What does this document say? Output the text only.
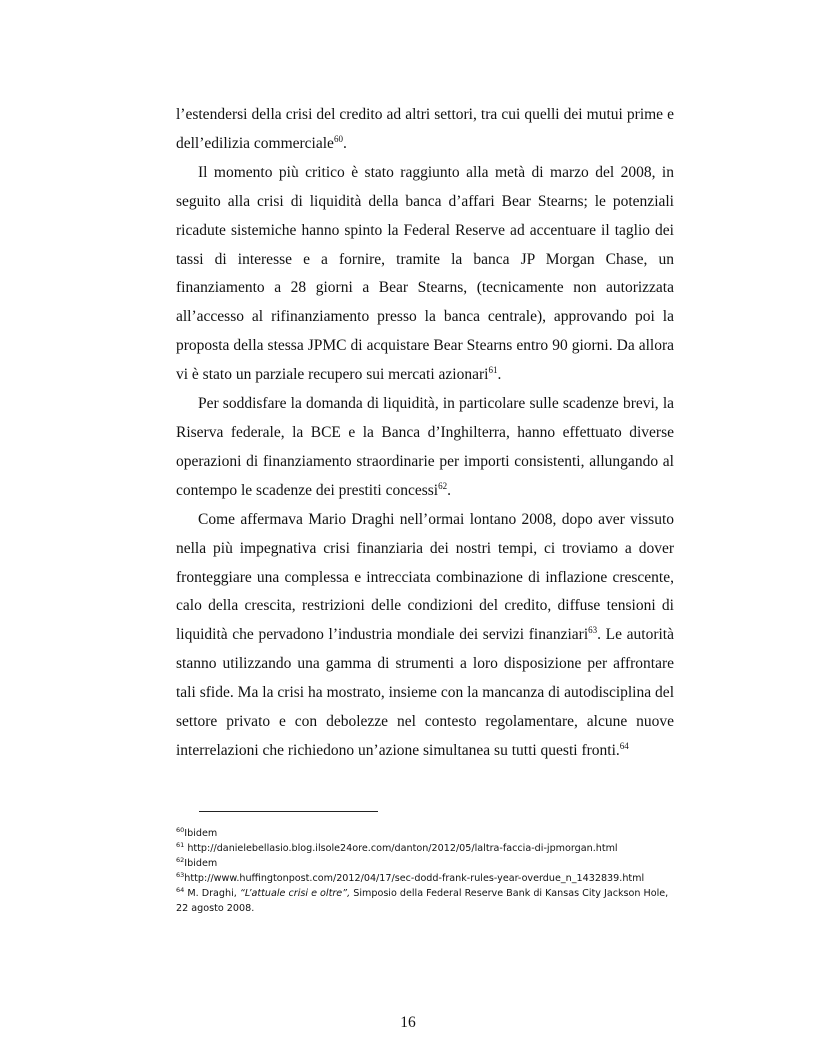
l’estendersi della crisi del credito ad altri settori, tra cui quelli dei mutui prime e dell’edilizia commerciale$^{60}$.

Il momento più critico è stato raggiunto alla metà di marzo del 2008, in seguito alla crisi di liquidità della banca d’affari Bear Stearns; le potenziali ricadute sistemiche hanno spinto la Federal Reserve ad accentuare il taglio dei tassi di interesse e a fornire, tramite la banca JP Morgan Chase, un finanziamento a 28 giorni a Bear Stearns, (tecnicamente non autorizzata all’accesso al rifinanziamento presso la banca centrale), approvando poi la proposta della stessa JPMC di acquistare Bear Stearns entro 90 giorni. Da allora vi è stato un parziale recupero sui mercati azionari$^{61}$.

Per soddisfare la domanda di liquidità, in particolare sulle scadenze brevi, la Riserva federale, la BCE e la Banca d’Inghilterra, hanno effettuato diverse operazioni di finanziamento straordinarie per importi consistenti, allungando al contempo le scadenze dei prestiti concessi$^{62}$.

Come affermava Mario Draghi nell’ormai lontano 2008, dopo aver vissuto nella più impegnativa crisi finanziaria dei nostri tempi, ci troviamo a dover fronteggiare una complessa e intrecciata combinazione di inflazione crescente, calo della crescita, restrizioni delle condizioni del credito, diffuse tensioni di liquidità che pervadono l’industria mondiale dei servizi finanziari$^{63}$. Le autorità stanno utilizzando una gamma di strumenti a loro disposizione per affrontare tali sfide. Ma la crisi ha mostrato, insieme con la mancanza di autodisciplina del settore privato e con debolezze nel contesto regolamentare, alcune nuove interrelazioni che richiedono un’azione simultanea su tutti questi fronti.$^{64}$

$^{60}$Ibidem

$^{61}$ http://danielebellasio.blog.ilsole24ore.com/danton/2012/05/laltra-faccia-di-jpmorgan.html

$^{62}$Ibidem

$^{63}$http://www.huffingtonpost.com/2012/04/17/sec-dodd-frank-rules-year-overdue_n_1432839.html

$^{64}$ M. Draghi, “L’attuale crisi e oltre”, Simposio della Federal Reserve Bank di Kansas City Jackson Hole, 22 agosto 2008.

16
